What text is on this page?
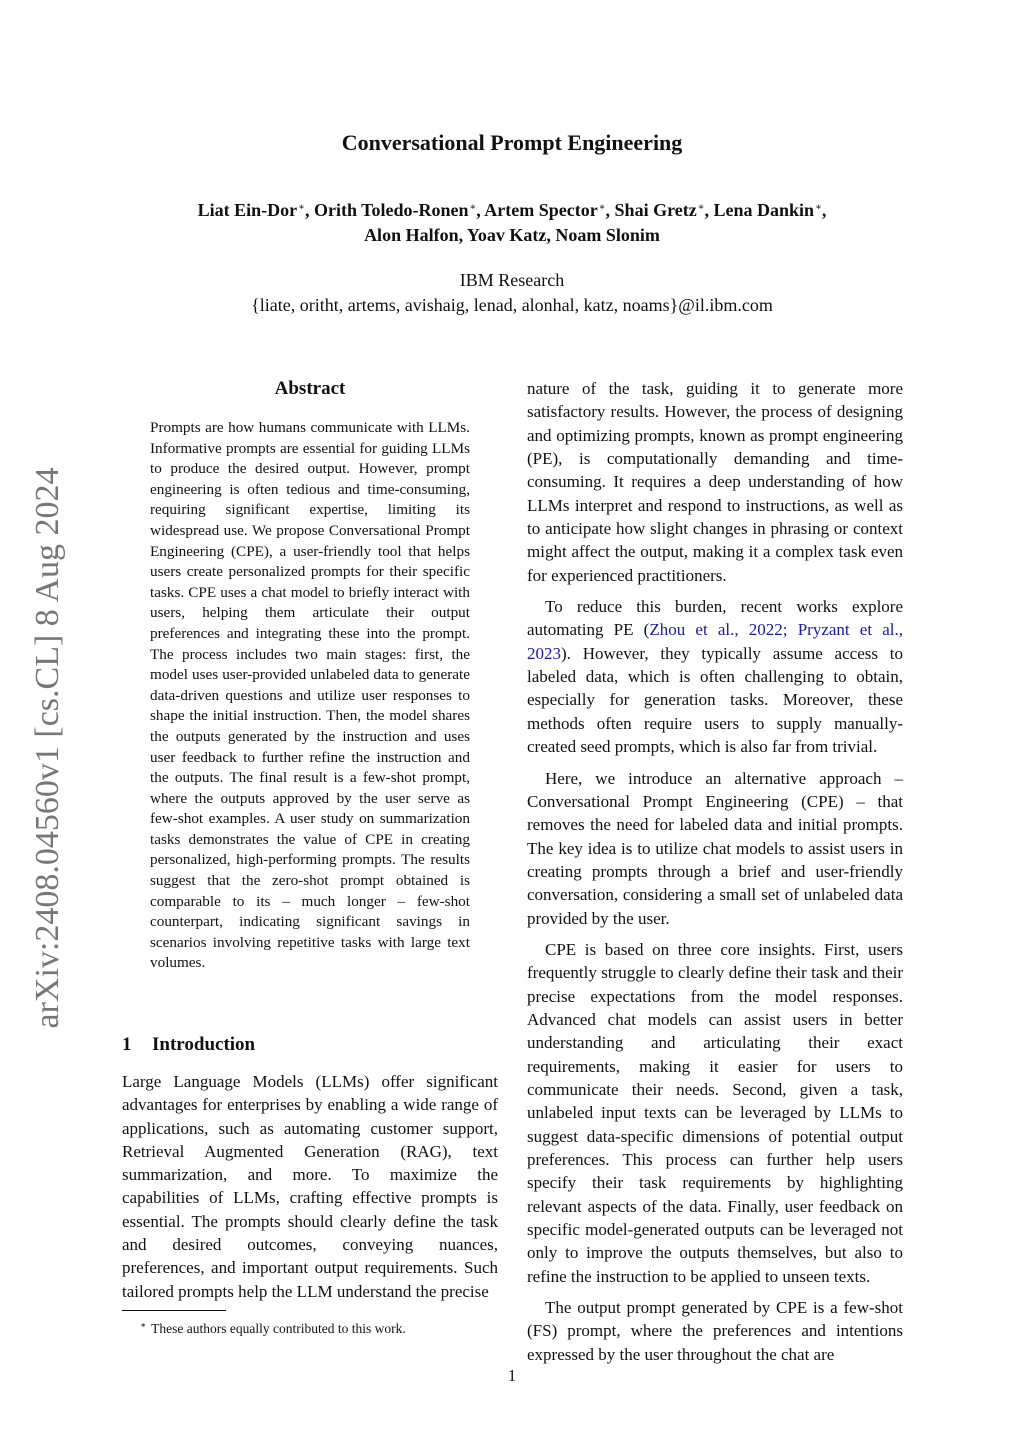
Conversational Prompt Engineering
Liat Ein-Dor∗, Orith Toledo-Ronen∗, Artem Spector∗, Shai Gretz∗, Lena Dankin∗,
Alon Halfon, Yoav Katz, Noam Slonim
IBM Research
{liate, oritht, artems, avishaig, lenad, alonhal, katz, noams}@il.ibm.com
arXiv:2408.04560v1 [cs.CL] 8 Aug 2024
Abstract
Prompts are how humans communicate with LLMs. Informative prompts are essential for guiding LLMs to produce the desired output. However, prompt engineering is often tedious and time-consuming, requiring significant expertise, limiting its widespread use. We propose Conversational Prompt Engineering (CPE), a user-friendly tool that helps users create personalized prompts for their specific tasks. CPE uses a chat model to briefly interact with users, helping them articulate their output preferences and integrating these into the prompt. The process includes two main stages: first, the model uses user-provided unlabeled data to generate data-driven questions and utilize user responses to shape the initial instruction. Then, the model shares the outputs generated by the instruction and uses user feedback to further refine the instruction and the outputs. The final result is a few-shot prompt, where the outputs approved by the user serve as few-shot examples. A user study on summarization tasks demonstrates the value of CPE in creating personalized, high-performing prompts. The results suggest that the zero-shot prompt obtained is comparable to its – much longer – few-shot counterpart, indicating significant savings in scenarios involving repetitive tasks with large text volumes.
1 Introduction
Large Language Models (LLMs) offer significant advantages for enterprises by enabling a wide range of applications, such as automating customer support, Retrieval Augmented Generation (RAG), text summarization, and more. To maximize the capabilities of LLMs, crafting effective prompts is essential. The prompts should clearly define the task and desired outcomes, conveying nuances, preferences, and important output requirements. Such tailored prompts help the LLM understand the precise
∗ These authors equally contributed to this work.

nature of the task, guiding it to generate more satisfactory results. However, the process of designing and optimizing prompts, known as prompt engineering (PE), is computationally demanding and time-consuming. It requires a deep understanding of how LLMs interpret and respond to instructions, as well as to anticipate how slight changes in phrasing or context might affect the output, making it a complex task even for experienced practitioners.

To reduce this burden, recent works explore automating PE (Zhou et al., 2022; Pryzant et al., 2023). However, they typically assume access to labeled data, which is often challenging to obtain, especially for generation tasks. Moreover, these methods often require users to supply manually-created seed prompts, which is also far from trivial.

Here, we introduce an alternative approach – Conversational Prompt Engineering (CPE) – that removes the need for labeled data and initial prompts. The key idea is to utilize chat models to assist users in creating prompts through a brief and user-friendly conversation, considering a small set of unlabeled data provided by the user.

CPE is based on three core insights. First, users frequently struggle to clearly define their task and their precise expectations from the model responses. Advanced chat models can assist users in better understanding and articulating their exact requirements, making it easier for users to communicate their needs. Second, given a task, unlabeled input texts can be leveraged by LLMs to suggest data-specific dimensions of potential output preferences. This process can further help users specify their task requirements by highlighting relevant aspects of the data. Finally, user feedback on specific model-generated outputs can be leveraged not only to improve the outputs themselves, but also to refine the instruction to be applied to unseen texts.

The output prompt generated by CPE is a few-shot (FS) prompt, where the preferences and intentions expressed by the user throughout the chat are

1
